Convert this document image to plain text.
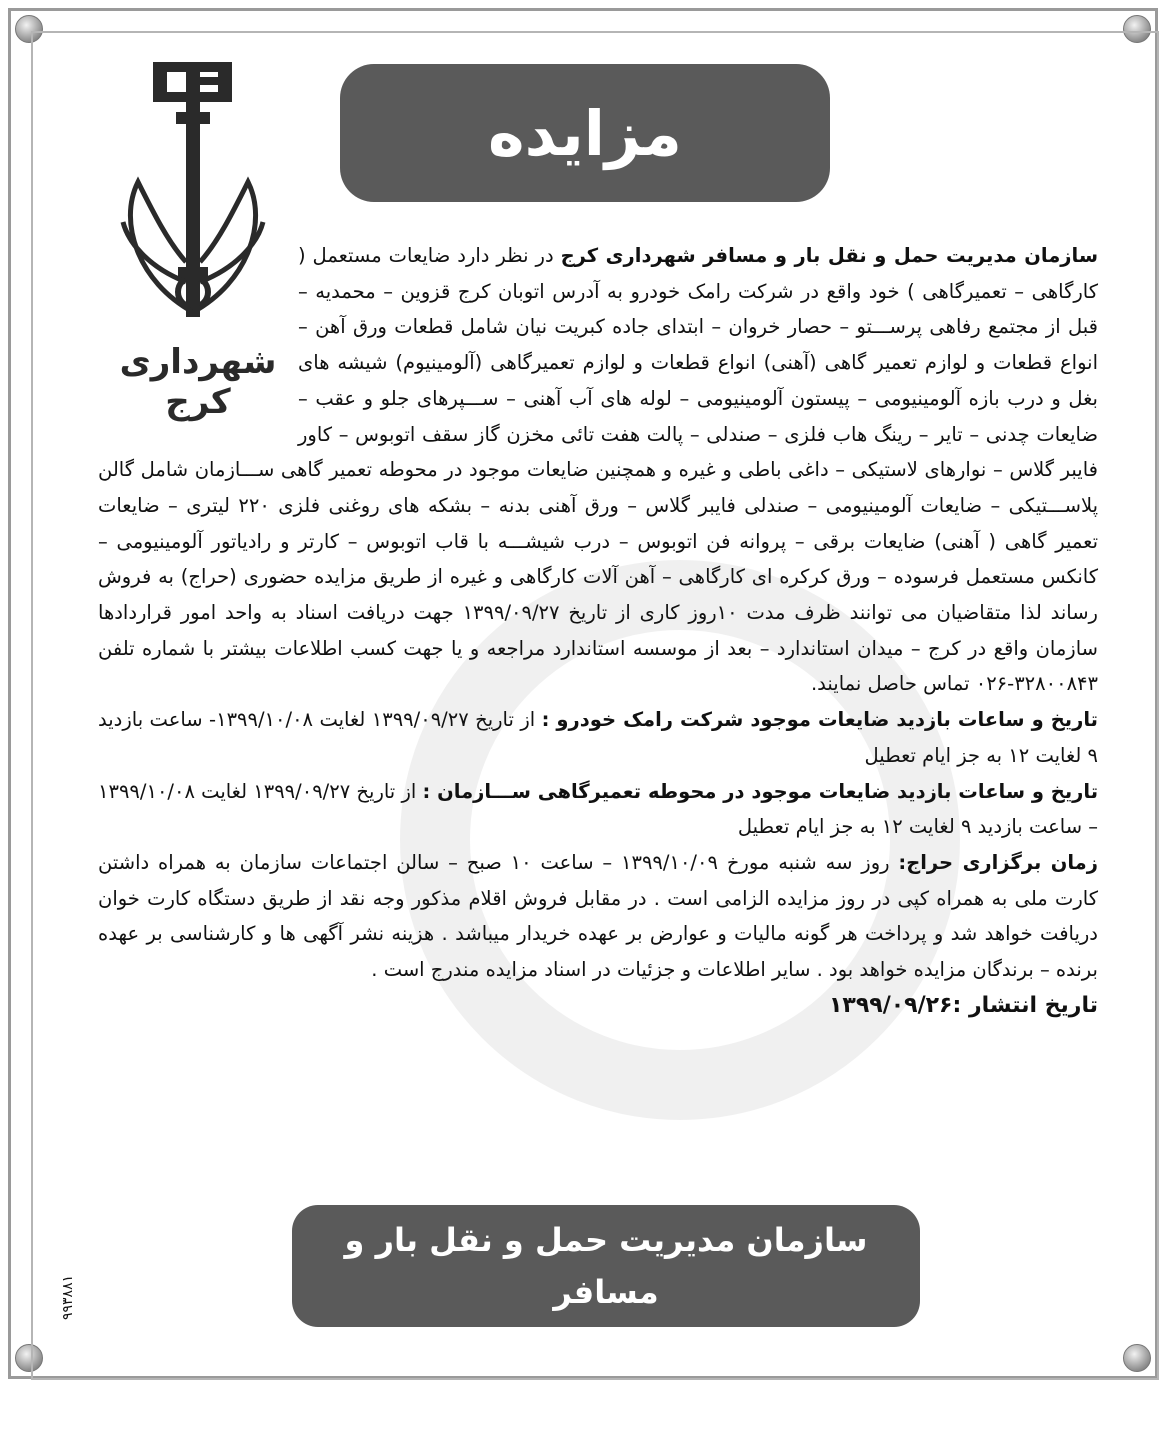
مزایده
شهرداری کرج
سازمان مدیریت حمل و نقل بار و مسافر شهرداری کرج در نظر دارد ضایعات مستعمل ( کارگاهی – تعمیرگاهی ) خود واقع در شرکت رامک خودرو به آدرس اتوبان کرج قزوین – محمدیه – قبل از مجتمع رفاهی پرســـتو – حصار خروان – ابتدای جاده کبریت نیان شامل قطعات ورق آهن – انواع قطعات و لوازم تعمیر گاهی (آهنی) انواع قطعات و لوازم تعمیرگاهی (آلومینیوم) شیشه های بغل و درب بازه آلومینیومی – پیستون آلومینیومی – لوله های آب آهنی – ســـپرهای جلو و عقب – ضایعات چدنی – تایر – رینگ هاب فلزی – صندلی – پالت هفت تائی مخزن گاز سقف اتوبوس – کاور فایبر گلاس – نوارهای لاستیکی – داغی باطی و غیره و همچنین ضایعات موجود در محوطه تعمیر گاهی ســـازمان شامل گالن پلاســـتیکی – ضایعات آلومینیومی – صندلی فایبر گلاس – ورق آهنی بدنه – بشکه های روغنی فلزی ۲۲۰ لیتری – ضایعات تعمیر گاهی ( آهنی) ضایعات برقی – پروانه فن اتوبوس – درب شیشـــه با قاب اتوبوس – کارتر و رادیاتور آلومینیومی – کانکس مستعمل فرسوده – ورق کرکره ای کارگاهی – آهن آلات کارگاهی و غیره از طریق مزایده حضوری (حراج) به فروش رساند لذا متقاضیان می توانند ظرف مدت ۱۰روز کاری از تاریخ ۱۳۹۹/۰۹/۲۷ جهت دریافت اسناد به واحد امور قراردادها سازمان واقع در کرج – میدان استاندارد – بعد از موسسه استاندارد مراجعه و یا جهت کسب اطلاعات بیشتر با شماره تلفن ۳۲۸۰۰۸۴۳-۰۲۶ تماس حاصل نمایند.
تاریخ و ساعات بازدید ضایعات موجود شرکت رامک خودرو : از تاریخ ۱۳۹۹/۰۹/۲۷ لغایت ۱۳۹۹/۱۰/۰۸- ساعت بازدید ۹ لغایت ۱۲ به جز ایام تعطیل
تاریخ و ساعات بازدید ضایعات موجود در محوطه تعمیرگاهی ســـازمان : از تاریخ ۱۳۹۹/۰۹/۲۷ لغایت ۱۳۹۹/۱۰/۰۸ – ساعت بازدید ۹ لغایت ۱۲ به جز ایام تعطیل
زمان برگزاری حراج: روز سه شنبه مورخ ۱۳۹۹/۱۰/۰۹ – ساعت ۱۰ صبح – سالن اجتماعات سازمان به همراه داشتن کارت ملی به همراه کپی در روز مزایده الزامی است . در مقابل فروش اقلام مذکور وجه نقد از طریق دستگاه کارت خوان دریافت خواهد شد و پرداخت هر گونه مالیات و عوارض بر عهده خریدار میباشد . هزینه نشر آگهی ها و کارشناسی بر عهده برنده – برندگان مزایده خواهد بود . سایر اطلاعات و جزئیات در اسناد مزایده مندرج است .
تاریخ انتشار :۱۳۹۹/۰۹/۲۶
سازمان مدیریت حمل و نقل بار و مسافر
( شهرداری کرج )
۹۹۳۸۸۱
